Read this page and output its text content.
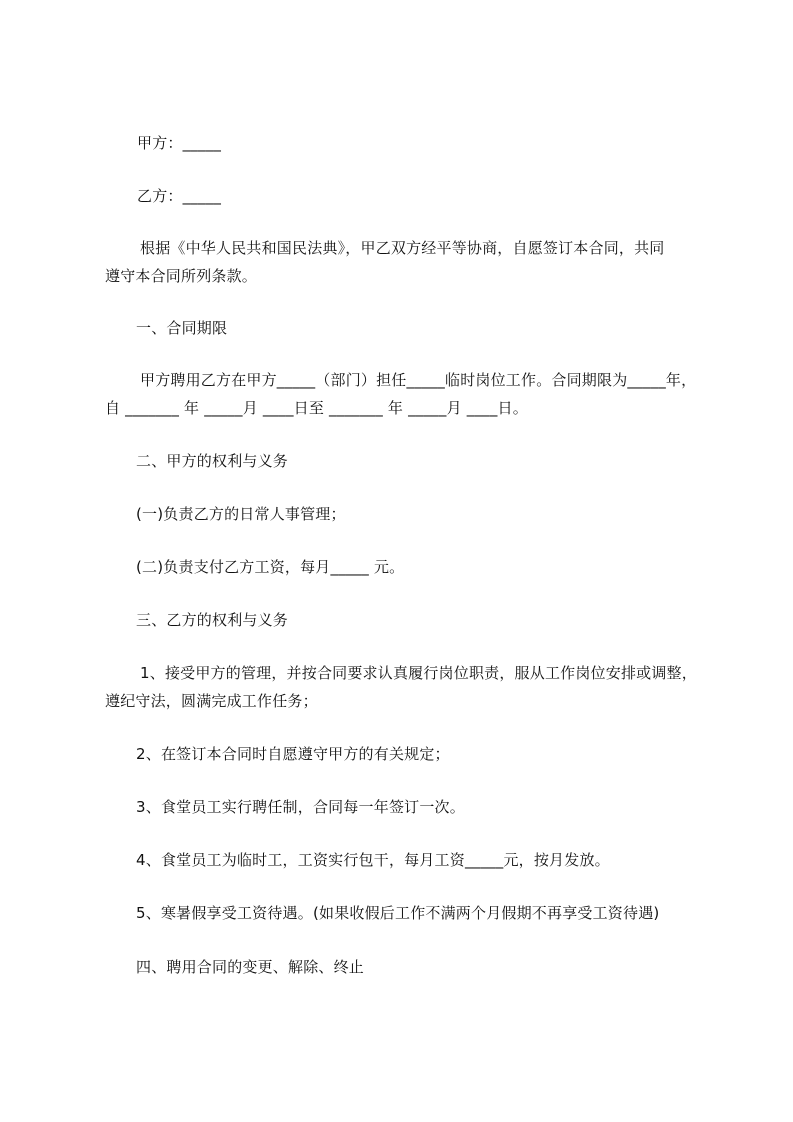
甲方：_____
乙方：_____
根据《中华人民共和国民法典》，甲乙双方经平等协商，自愿签订本合同，共同
遵守本合同所列条款。
一、合同期限
甲方聘用乙方在甲方_____（部门）担任_____临时岗位工作。合同期限为_____年，
自 _______ 年 _____月 ____日至 _______ 年 _____月 ____日。
二、甲方的权利与义务
(一)负责乙方的日常人事管理；
(二)负责支付乙方工资，每月_____ 元。
三、乙方的权利与义务
1、接受甲方的管理，并按合同要求认真履行岗位职责，服从工作岗位安排或调整，
遵纪守法，圆满完成工作任务；
2、在签订本合同时自愿遵守甲方的有关规定；
3、食堂员工实行聘任制，合同每一年签订一次。
4、食堂员工为临时工，工资实行包干，每月工资_____元，按月发放。
5、寒暑假享受工资待遇。(如果收假后工作不满两个月假期不再享受工资待遇)
四、聘用合同的变更、解除、终止
